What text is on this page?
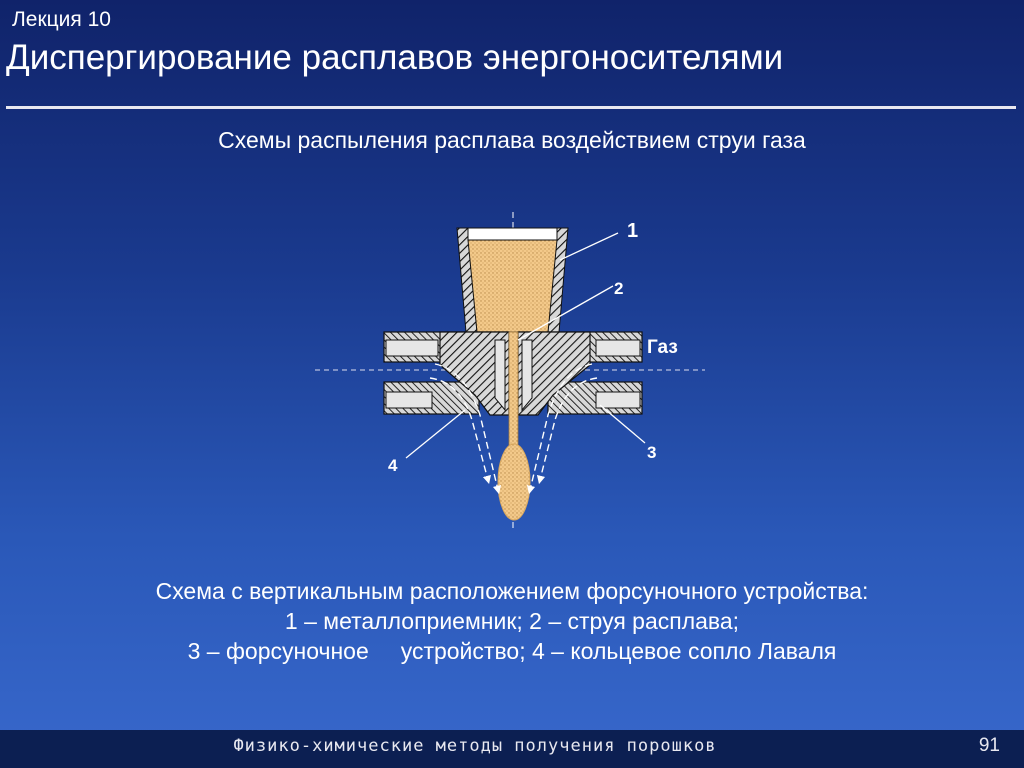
Лекция 10
Диспергирование расплавов энергоносителями
Схемы распыления расплава воздействием струи газа
1
2
Газ
3
4
Схема с вертикальным расположением форсуночного устройства:
1 – металлоприемник; 2 – струя расплава;
3 – форсуночное     устройство; 4 – кольцевое сопло Лаваля
Физико-химические методы получения порошков	91
